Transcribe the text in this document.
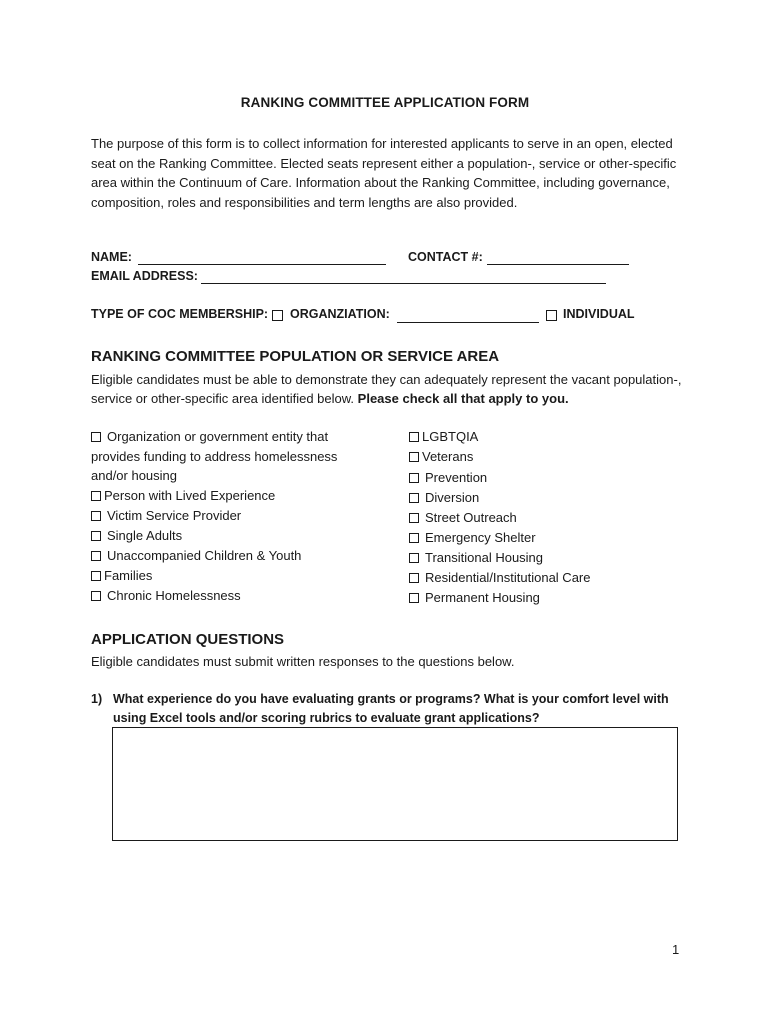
RANKING COMMITTEE APPLICATION FORM
The purpose of this form is to collect information for interested applicants to serve in an open, elected seat on the Ranking Committee. Elected seats represent either a population-, service or other-specific area within the Continuum of Care. Information about the Ranking Committee, including governance, composition, roles and responsibilities and term lengths are also provided.
NAME:	CONTACT #:
EMAIL ADDRESS:
TYPE OF COC MEMBERSHIP: ORGANZIATION:	INDIVIDUAL
RANKING COMMITTEE POPULATION OR SERVICE AREA
Eligible candidates must be able to demonstrate they can adequately represent the vacant population-, service or other-specific area identified below. Please check all that apply to you.
Organization or government entity that provides funding to address homelessness and/or housing
Person with Lived Experience
Victim Service Provider
Single Adults
Unaccompanied Children & Youth
Families
Chronic Homelessness
LGBTQIA
Veterans
Prevention
Diversion
Street Outreach
Emergency Shelter
Transitional Housing
Residential/Institutional Care
Permanent Housing
APPLICATION QUESTIONS
Eligible candidates must submit written responses to the questions below.
1) What experience do you have evaluating grants or programs? What is your comfort level with using Excel tools and/or scoring rubrics to evaluate grant applications?
1
